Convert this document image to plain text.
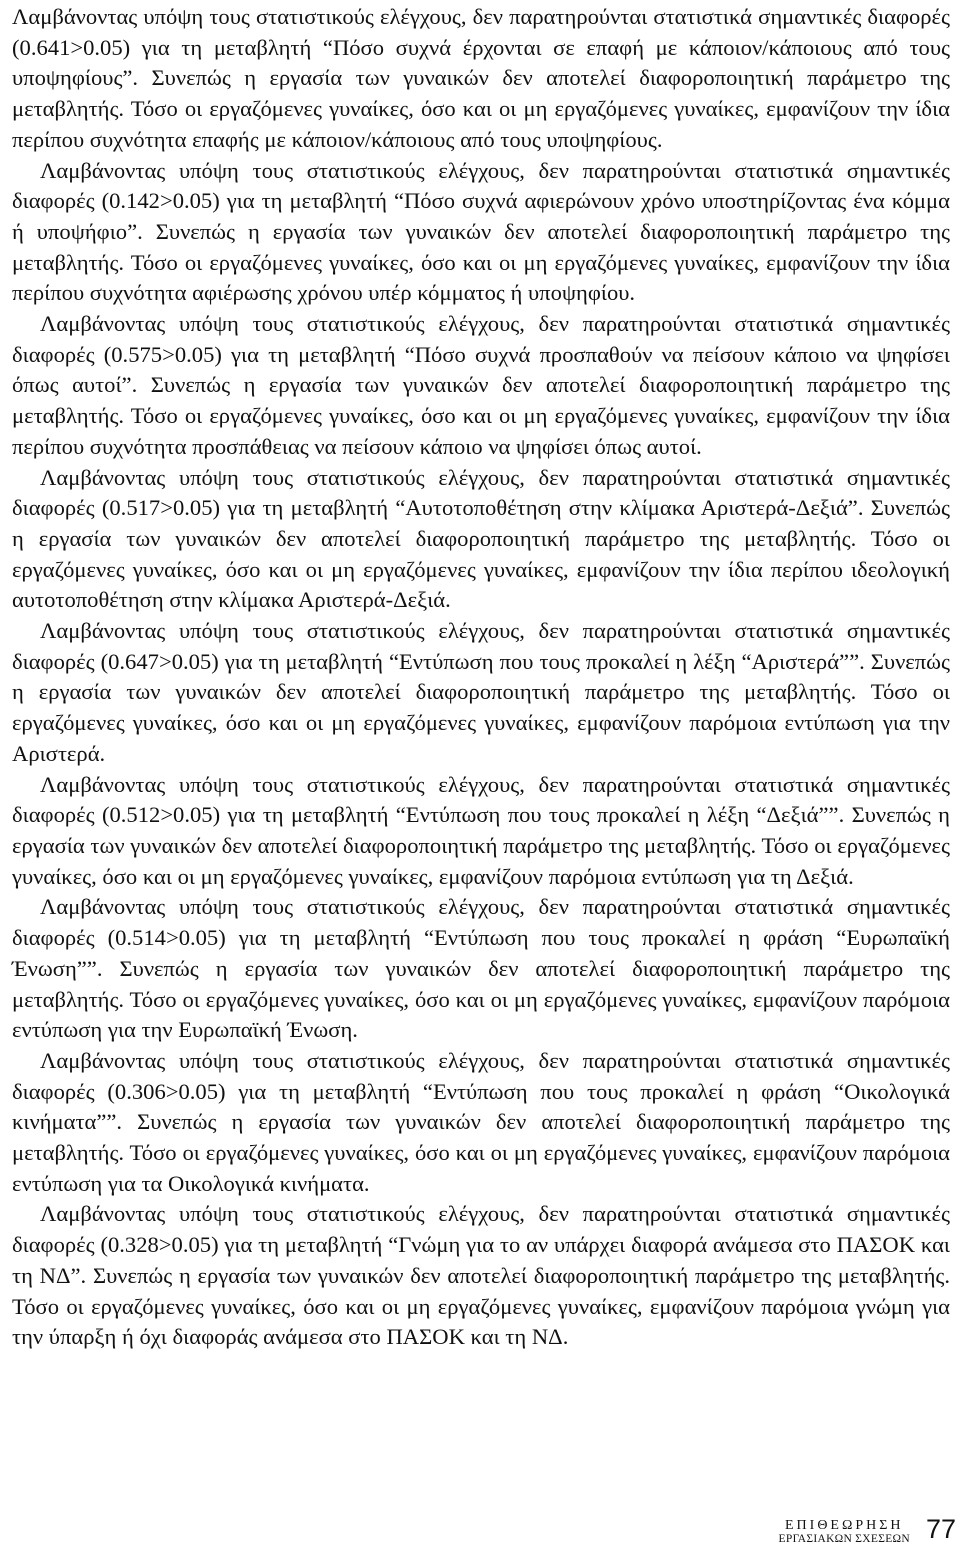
Λαμβάνοντας υπόψη τους στατιστικούς ελέγχους, δεν παρατηρούνται στατιστικά σημαντικές διαφορές (0.641>0.05) για τη μεταβλητή “Πόσο συχνά έρχονται σε επαφή με κάποιον/κάποιους από τους υποψηφίους”. Συνεπώς η εργασία των γυναικών δεν αποτελεί διαφοροποιητική παράμετρο της μεταβλητής. Τόσο οι εργαζόμενες γυναίκες, όσο και οι μη εργαζόμενες γυναίκες, εμφανίζουν την ίδια περίπου συχνότητα επαφής με κάποιον/κάποιους από τους υποψηφίους.

Λαμβάνοντας υπόψη τους στατιστικούς ελέγχους, δεν παρατηρούνται στατιστικά σημαντικές διαφορές (0.142>0.05) για τη μεταβλητή “Πόσο συχνά αφιερώνουν χρόνο υποστηρίζοντας ένα κόμμα ή υποψήφιο”. Συνεπώς η εργασία των γυναικών δεν αποτελεί διαφοροποιητική παράμετρο της μεταβλητής. Τόσο οι εργαζόμενες γυναίκες, όσο και οι μη εργαζόμενες γυναίκες, εμφανίζουν την ίδια περίπου συχνότητα αφιέρωσης χρόνου υπέρ κόμματος ή υποψηφίου.

Λαμβάνοντας υπόψη τους στατιστικούς ελέγχους, δεν παρατηρούνται στατιστικά σημαντικές διαφορές (0.575>0.05) για τη μεταβλητή “Πόσο συχνά προσπαθούν να πείσουν κάποιο να ψηφίσει όπως αυτοί”. Συνεπώς η εργασία των γυναικών δεν αποτελεί διαφοροποιητική παράμετρο της μεταβλητής. Τόσο οι εργαζόμενες γυναίκες, όσο και οι μη εργαζόμενες γυναίκες, εμφανίζουν την ίδια περίπου συχνότητα προσπάθειας να πείσουν κάποιο να ψηφίσει όπως αυτοί.

Λαμβάνοντας υπόψη τους στατιστικούς ελέγχους, δεν παρατηρούνται στατιστικά σημαντικές διαφορές (0.517>0.05) για τη μεταβλητή “Αυτοτοποθέτηση στην κλίμακα Αριστερά-Δεξιά”. Συνεπώς η εργασία των γυναικών δεν αποτελεί διαφοροποιητική παράμετρο της μεταβλητής. Τόσο οι εργαζόμενες γυναίκες, όσο και οι μη εργαζόμενες γυναίκες, εμφανίζουν την ίδια περίπου ιδεολογική αυτοτοποθέτηση στην κλίμακα Αριστερά-Δεξιά.

Λαμβάνοντας υπόψη τους στατιστικούς ελέγχους, δεν παρατηρούνται στατιστικά σημαντικές διαφορές (0.647>0.05) για τη μεταβλητή “Εντύπωση που τους προκαλεί η λέξη “Αριστερά””. Συνεπώς η εργασία των γυναικών δεν αποτελεί διαφοροποιητική παράμετρο της μεταβλητής. Τόσο οι εργαζόμενες γυναίκες, όσο και οι μη εργαζόμενες γυναίκες, εμφανίζουν παρόμοια εντύπωση για την Αριστερά.

Λαμβάνοντας υπόψη τους στατιστικούς ελέγχους, δεν παρατηρούνται στατιστικά σημαντικές διαφορές (0.512>0.05) για τη μεταβλητή “Εντύπωση που τους προκαλεί η λέξη “Δεξιά””. Συνεπώς η εργασία των γυναικών δεν αποτελεί διαφοροποιητική παράμετρο της μεταβλητής. Τόσο οι εργαζόμενες γυναίκες, όσο και οι μη εργαζόμενες γυναίκες, εμφανίζουν παρόμοια εντύπωση για τη Δεξιά.

Λαμβάνοντας υπόψη τους στατιστικούς ελέγχους, δεν παρατηρούνται στατιστικά σημαντικές διαφορές (0.514>0.05) για τη μεταβλητή “Εντύπωση που τους προκαλεί η φράση “Ευρωπαϊκή Ένωση””. Συνεπώς η εργασία των γυναικών δεν αποτελεί διαφοροποιητική παράμετρο της μεταβλητής. Τόσο οι εργαζόμενες γυναίκες, όσο και οι μη εργαζόμενες γυναίκες, εμφανίζουν παρόμοια εντύπωση για την Ευρωπαϊκή Ένωση.

Λαμβάνοντας υπόψη τους στατιστικούς ελέγχους, δεν παρατηρούνται στατιστικά σημαντικές διαφορές (0.306>0.05) για τη μεταβλητή “Εντύπωση που τους προκαλεί η φράση “Οικολογικά κινήματα””. Συνεπώς η εργασία των γυναικών δεν αποτελεί διαφοροποιητική παράμετρο της μεταβλητής. Τόσο οι εργαζόμενες γυναίκες, όσο και οι μη εργαζόμενες γυναίκες, εμφανίζουν παρόμοια εντύπωση για τα Οικολογικά κινήματα.

Λαμβάνοντας υπόψη τους στατιστικούς ελέγχους, δεν παρατηρούνται στατιστικά σημαντικές διαφορές (0.328>0.05) για τη μεταβλητή “Γνώμη για το αν υπάρχει διαφορά ανάμεσα στο ΠΑΣΟΚ και τη ΝΔ”. Συνεπώς η εργασία των γυναικών δεν αποτελεί διαφοροποιητική παράμετρο της μεταβλητής. Τόσο οι εργαζόμενες γυναίκες, όσο και οι μη εργαζόμενες γυναίκες, εμφανίζουν παρόμοια γνώμη για την ύπαρξη ή όχι διαφοράς ανάμεσα στο ΠΑΣΟΚ και τη ΝΔ.

ΕΠΙΘΕΩΡΗΣΗ
ΕΡΓΑΣΙΑΚΩΝ ΣΧΕΣΕΩΝ 77
